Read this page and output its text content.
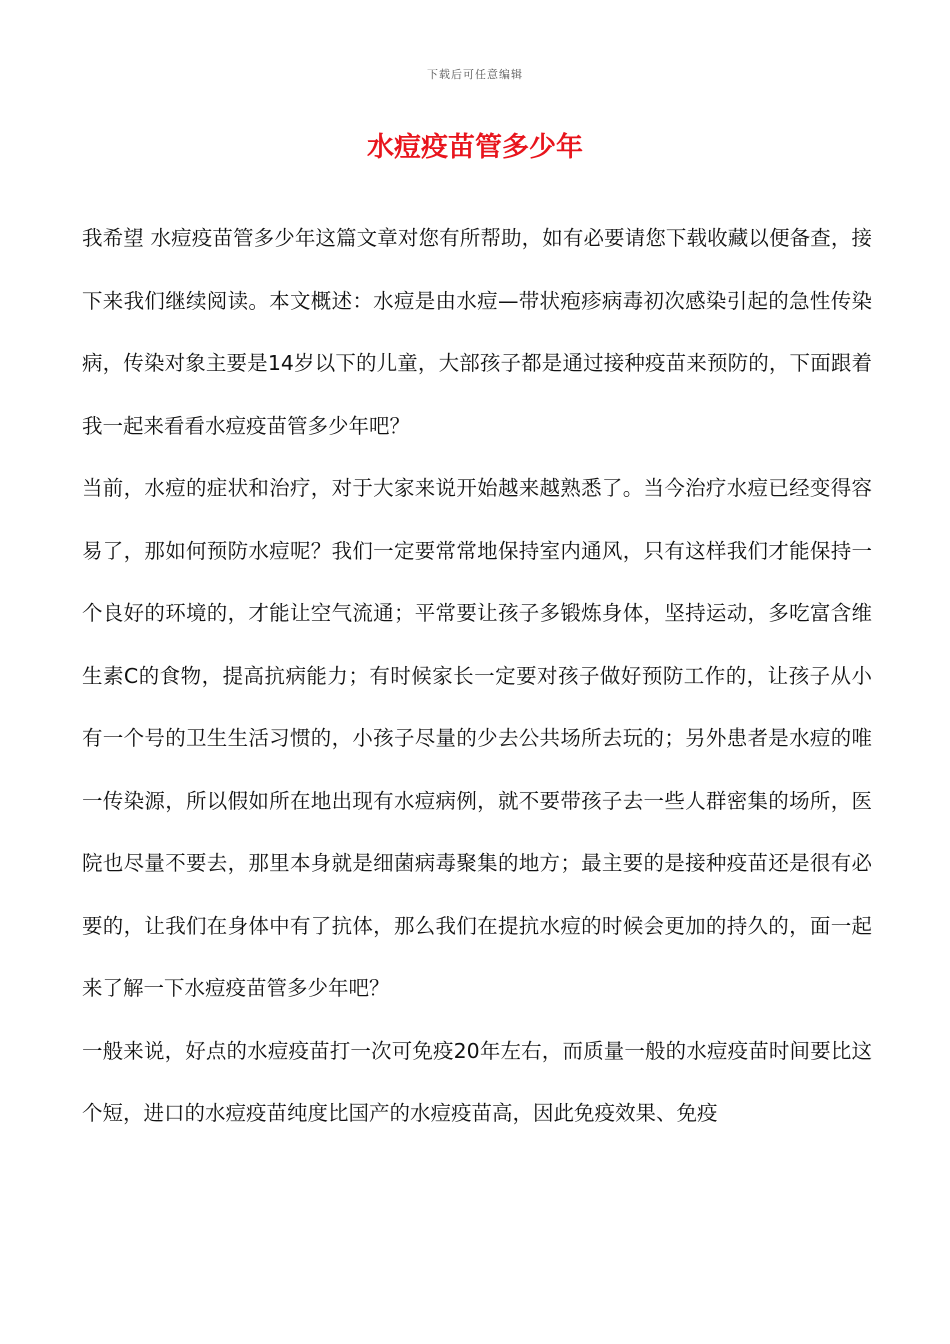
下载后可任意编辑
水痘疫苗管多少年

我希望 水痘疫苗管多少年这篇文章对您有所帮助，如有必要请您下载收藏以便备查，接下来我们继续阅读。本文概述：水痘是由水痘—带状疱疹病毒初次感染引起的急性传染病，传染对象主要是14岁以下的儿童，大部孩子都是通过接种疫苗来预防的，下面跟着我一起来看看水痘疫苗管多少年吧？

当前，水痘的症状和治疗，对于大家来说开始越来越熟悉了。当今治疗水痘已经变得容易了，那如何预防水痘呢？我们一定要常常地保持室内通风，只有这样我们才能保持一个良好的环境的，才能让空气流通；平常要让孩子多锻炼身体，坚持运动，多吃富含维生素C的食物，提高抗病能力；有时候家长一定要对孩子做好预防工作的，让孩子从小有一个号的卫生生活习惯的，小孩子尽量的少去公共场所去玩的；另外患者是水痘的唯一传染源，所以假如所在地出现有水痘病例，就不要带孩子去一些人群密集的场所，医院也尽量不要去，那里本身就是细菌病毒聚集的地方；最主要的是接种疫苗还是很有必要的，让我们在身体中有了抗体，那么我们在提抗水痘的时候会更加的持久的，面一起来了解一下水痘疫苗管多少年吧？

一般来说，好点的水痘疫苗打一次可免疫20年左右，而质量一般的水痘疫苗时间要比这个短，进口的水痘疫苗纯度比国产的水痘疫苗高，因此免疫效果、免疫
